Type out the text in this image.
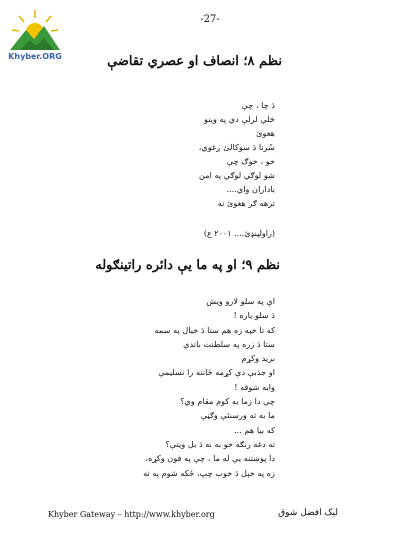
Khyber.ORG
-27-
نظم ۸؛ انصاف او عصري تقاضې
دَ چا ، چې
څلې لرلې دي په وينو
هغوئ
سُرنا دَ سوکالئ ږغوي،
خو ، خوګ چې
شو لوګي لوګي په امن
باداران واي....
ترهه ګر هغوئ نه
(راولپنډئ.... ۲۰۰۱ ع)
نظم ۹؛ او په ما يې دائره راتينګوله
اې په سلو لارو ويش
دَ سلو باره !
که تا خپه زه هم ستا دَ خيال په سمه
ستا دَ زره په سلطنت باندې
بريد وکړم
او جذبې دې کړمه ځانته را تسليمې
وايه شوقه !
چې دا زما به کوم مقام وي؟
ما به ته ورسنئې وګڼې
که بيا هم ...
ته دغه رنګه خو به نه دَ بل ويتې؟
دا پوښتنه يې له ما ، چې په فون وکړه،
زه په خپل دَ خوب چپ، ځکه شوم په ته
Khyber Gateway – http://www.khyber.org	ليک افضل شوق
